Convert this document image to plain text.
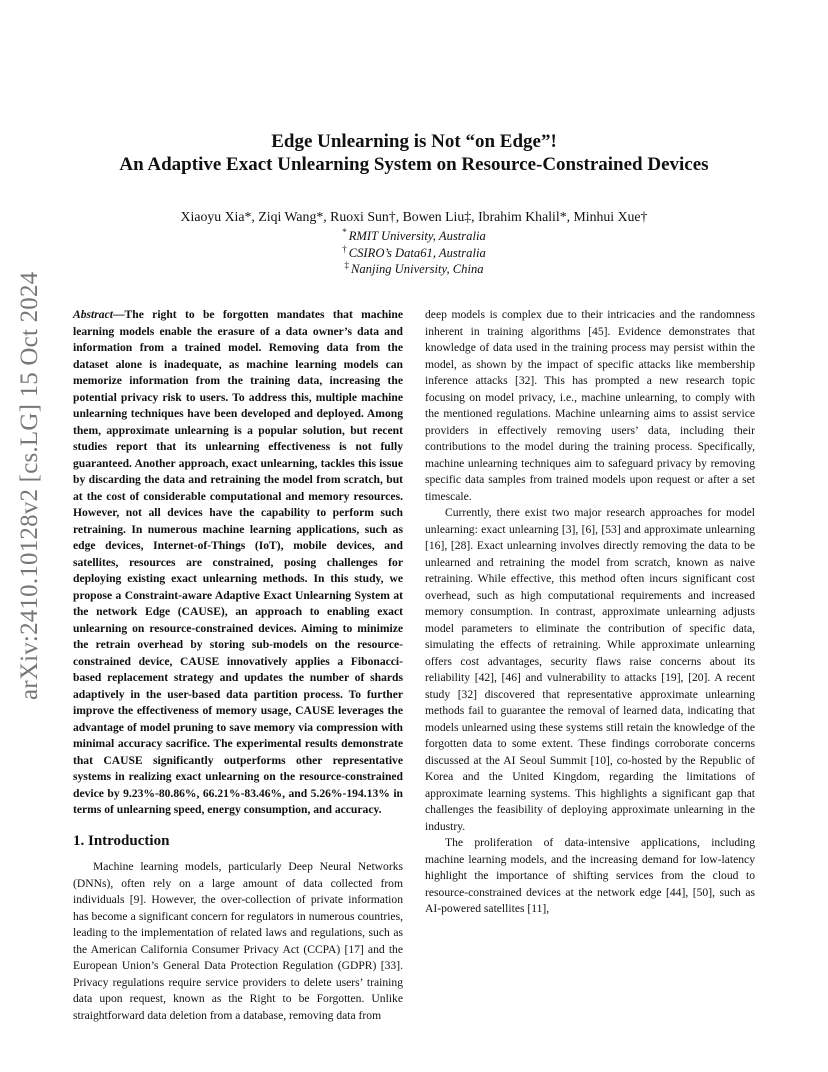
arXiv:2410.10128v2 [cs.LG] 15 Oct 2024
Edge Unlearning is Not “on Edge”!
An Adaptive Exact Unlearning System on Resource-Constrained Devices
Xiaoyu Xia*, Ziqi Wang*, Ruoxi Sun†, Bowen Liu‡, Ibrahim Khalil*, Minhui Xue†
* RMIT University, Australia
† CSIRO’s Data61, Australia
‡ Nanjing University, China

Abstract—The right to be forgotten mandates that machine learning models enable the erasure of a data owner’s data and information from a trained model. Removing data from the dataset alone is inadequate, as machine learning models can memorize information from the training data, increasing the potential privacy risk to users. To address this, multiple machine unlearning techniques have been developed and deployed. Among them, approximate unlearning is a popular solution, but recent studies report that its unlearning effectiveness is not fully guaranteed. Another approach, exact unlearning, tackles this issue by discarding the data and retraining the model from scratch, but at the cost of considerable computational and memory resources. However, not all devices have the capability to perform such retraining. In numerous machine learning applications, such as edge devices, Internet-of-Things (IoT), mobile devices, and satellites, resources are constrained, posing challenges for deploying existing exact unlearning methods. In this study, we propose a Constraint-aware Adaptive Exact Unlearning System at the network Edge (CAUSE), an approach to enabling exact unlearning on resource-constrained devices. Aiming to minimize the retrain overhead by storing sub-models on the resource-constrained device, CAUSE innovatively applies a Fibonacci-based replacement strategy and updates the number of shards adaptively in the user-based data partition process. To further improve the effectiveness of memory usage, CAUSE leverages the advantage of model pruning to save memory via compression with minimal accuracy sacrifice. The experimental results demonstrate that CAUSE significantly outperforms other representative systems in realizing exact unlearning on the resource-constrained device by 9.23%-80.86%, 66.21%-83.46%, and 5.26%-194.13% in terms of unlearning speed, energy consumption, and accuracy.

1. Introduction

Machine learning models, particularly Deep Neural Networks (DNNs), often rely on a large amount of data collected from individuals [9]. However, the over-collection of private information has become a significant concern for regulators in numerous countries, leading to the implementation of related laws and regulations, such as the American California Consumer Privacy Act (CCPA) [17] and the European Union’s General Data Protection Regulation (GDPR) [33]. Privacy regulations require service providers to delete users’ training data upon request, known as the Right to be Forgotten. Unlike straightforward data deletion from a database, removing data from

deep models is complex due to their intricacies and the randomness inherent in training algorithms [45]. Evidence demonstrates that knowledge of data used in the training process may persist within the model, as shown by the impact of specific attacks like membership inference attacks [32]. This has prompted a new research topic focusing on model privacy, i.e., machine unlearning, to comply with the mentioned regulations. Machine unlearning aims to assist service providers in effectively removing users’ data, including their contributions to the model during the training process. Specifically, machine unlearning techniques aim to safeguard privacy by removing specific data samples from trained models upon request or after a set timescale.

Currently, there exist two major research approaches for model unlearning: exact unlearning [3], [6], [53] and approximate unlearning [16], [28]. Exact unlearning involves directly removing the data to be unlearned and retraining the model from scratch, known as naive retraining. While effective, this method often incurs significant cost overhead, such as high computational requirements and increased memory consumption. In contrast, approximate unlearning adjusts model parameters to eliminate the contribution of specific data, simulating the effects of retraining. While approximate unlearning offers cost advantages, security flaws raise concerns about its reliability [42], [46] and vulnerability to attacks [19], [20]. A recent study [32] discovered that representative approximate unlearning methods fail to guarantee the removal of learned data, indicating that models unlearned using these systems still retain the knowledge of the forgotten data to some extent. These findings corroborate concerns discussed at the AI Seoul Summit [10], co-hosted by the Republic of Korea and the United Kingdom, regarding the limitations of approximate learning systems. This highlights a significant gap that challenges the feasibility of deploying approximate unlearning in the industry.

The proliferation of data-intensive applications, including machine learning models, and the increasing demand for low-latency highlight the importance of shifting services from the cloud to resource-constrained devices at the network edge [44], [50], such as AI-powered satellites [11],
